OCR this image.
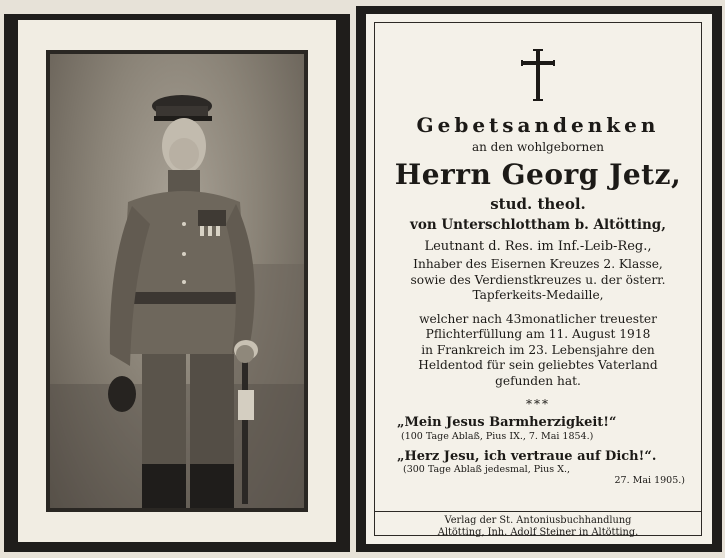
Gebetsandenken
an den wohlgebornen
Herrn Georg Jetz,
stud. theol.
von Unterschlottham b. Altötting,
Leutnant d. Res. im Inf.-Leib-Reg.,
Inhaber des Eisernen Kreuzes 2. Klasse,
sowie des Verdienstkreuzes u. der österr.
Tapferkeits-Medaille,
welcher nach 43monatlicher treuester
Pflichterfüllung am 11. August 1918
in Frankreich im 23. Lebensjahre den
Heldentod für sein geliebtes Vaterland
gefunden hat.
***
„Mein Jesus Barmherzigkeit!“
(100 Tage Ablaß, Pius IX., 7. Mai 1854.)
„Herz Jesu, ich vertraue auf Dich!“.
(300 Tage Ablaß jedesmal, Pius X.,
27. Mai 1905.)
Verlag der St. Antoniusbuchhandlung
Altötting, Inh. Adolf Steiner in Altötting.
